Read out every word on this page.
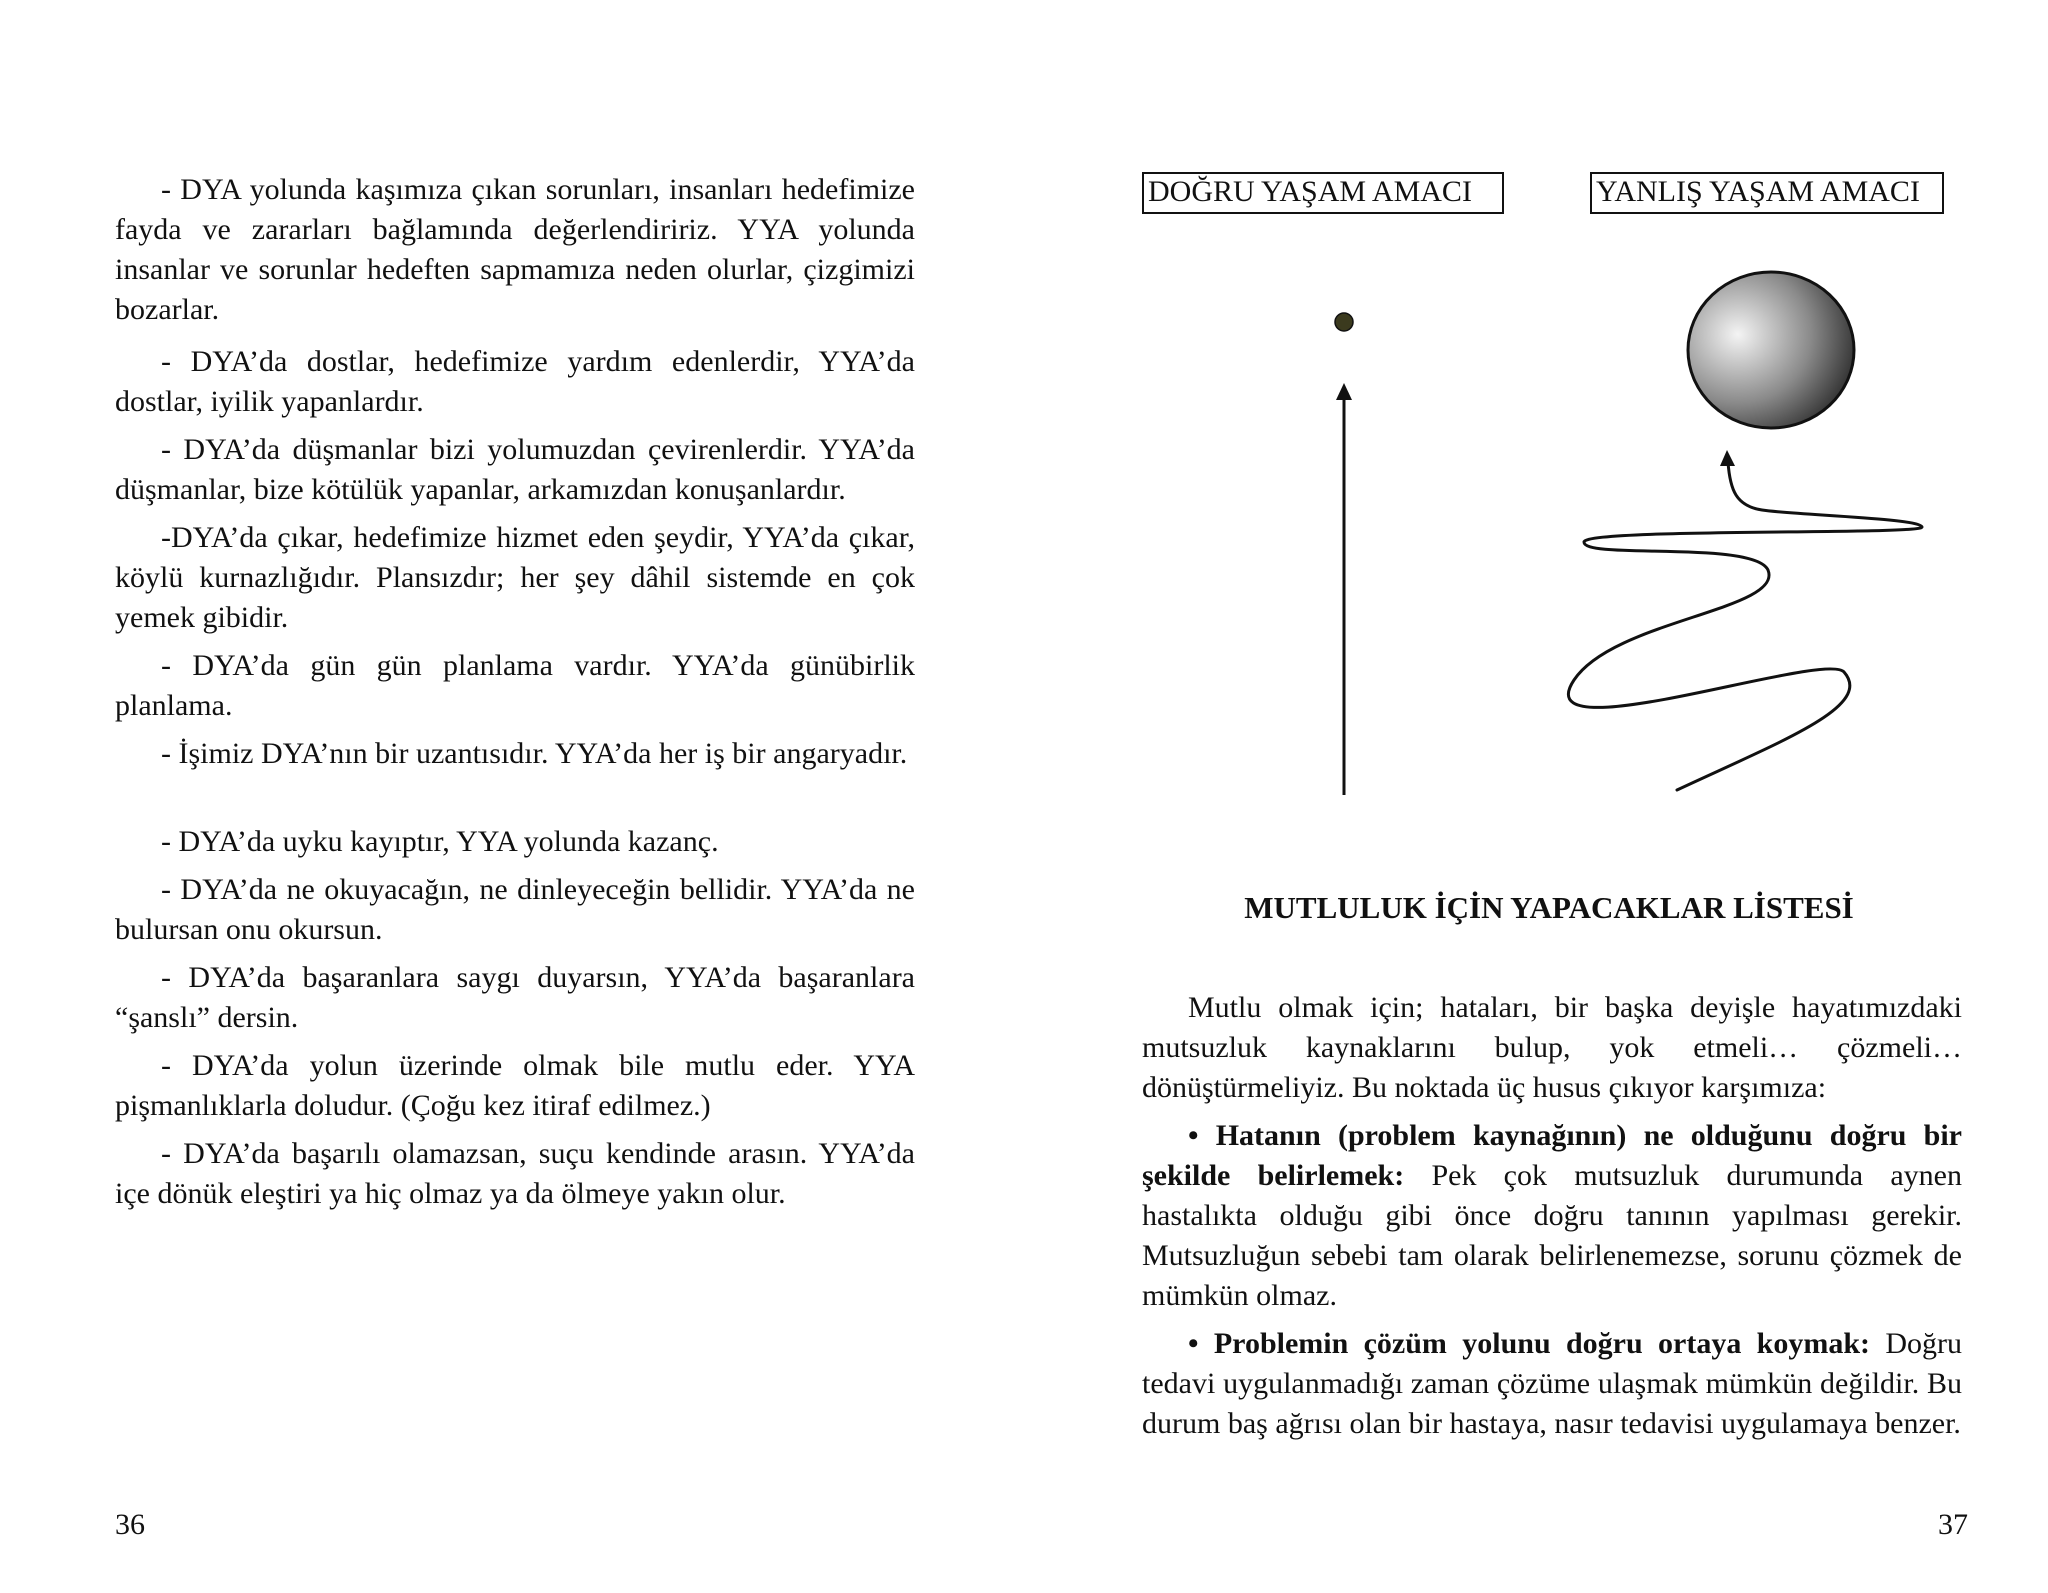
- DYA yolunda kaşımıza çıkan sorunları, insanları hedefimize fayda ve zararları bağlamında değerlendiririz. YYA yolunda insanlar ve sorunlar hedeften sapmamıza neden olurlar, çizgimizi bozarlar.

- DYA’da dostlar, hedefimize yardım edenlerdir, YYA’da dostlar, iyilik yapanlardır.

- DYA’da düşmanlar bizi yolumuzdan çevirenlerdir. YYA’da düşmanlar, bize kötülük yapanlar, arkamızdan konuşanlardır.

-DYA’da çıkar, hedefimize hizmet eden şeydir, YYA’da çıkar, köylü kurnazlığıdır. Plansızdır; her şey dâhil sistemde en çok yemek gibidir.

- DYA’da gün gün planlama vardır. YYA’da günübirlik planlama.

- İşimiz DYA’nın bir uzantısıdır. YYA’da her iş bir angaryadır.

- DYA’da uyku kayıptır, YYA yolunda kazanç.

- DYA’da ne okuyacağın, ne dinleyeceğin bellidir. YYA’da ne bulursan onu okursun.

- DYA’da başaranlara saygı duyarsın, YYA’da başaranlara “şanslı” dersin.

- DYA’da yolun üzerinde olmak bile mutlu eder. YYA pişmanlıklarla doludur. (Çoğu kez itiraf edilmez.)

- DYA’da başarılı olamazsan, suçu kendinde arasın. YYA’da içe dönük eleştiri ya hiç olmaz ya da ölmeye yakın olur.

36
DOĞRU YAŞAM AMACI	YANLIŞ YAŞAM AMACI
MUTLULUK İÇİN YAPACAKLAR LİSTESİ

Mutlu olmak için; hataları, bir başka deyişle hayatımızdaki mutsuzluk kaynaklarını bulup, yok etmeli… çözmeli… dönüştürmeliyiz. Bu noktada üç husus çıkıyor karşımıza:

• Hatanın (problem kaynağının) ne olduğunu doğru bir şekilde belirlemek: Pek çok mutsuzluk durumunda aynen hastalıkta olduğu gibi önce doğru tanının yapılması gerekir. Mutsuzluğun sebebi tam olarak belirlenemezse, sorunu çözmek de mümkün olmaz.

• Problemin çözüm yolunu doğru ortaya koymak: Doğru tedavi uygulanmadığı zaman çözüme ulaşmak mümkün değildir. Bu durum baş ağrısı olan bir hastaya, nasır tedavisi uygulamaya benzer.

37
